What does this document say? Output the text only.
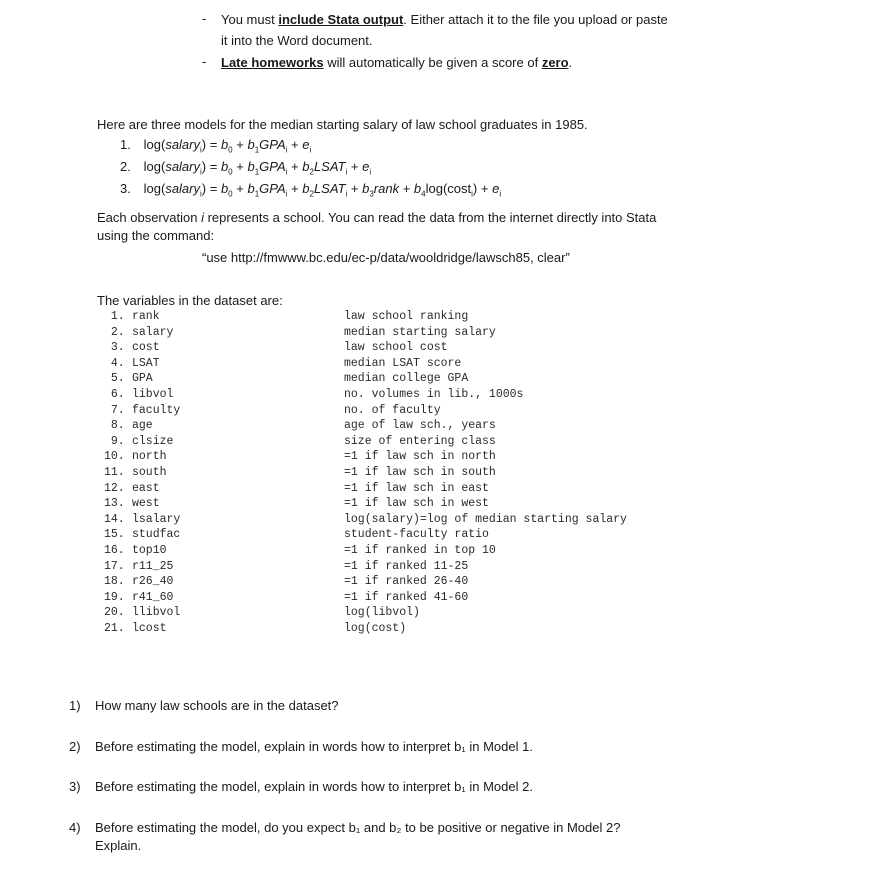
- You must include Stata output. Either attach it to the file you upload or paste
it into the Word document.
- Late homeworks will automatically be given a score of zero.
Here are three models for the median starting salary of law school graduates in 1985.
1. log(salary$_i$) = $b_0 + b_1GPA_i + e_i$
2. log(salary$_i$) = $b_0 + b_1GPA_i$ + $b_2LSAT_i + e_i$
3. log(salary$_i$) = $b_0 + b_1GPA_i$ + $b_2LSAT_i$ + $b_3rank + b_4\log(\cos t_i) + e_i$
Each observation i represents a school. You can read the data from the internet directly into Stata
using the command:
“use http://fmwww.bc.edu/ec-p/data/wooldridge/lawsch85, clear”
The variables in the dataset are:
1. rank	law school ranking
2. salary	median starting salary
3. cost	law school cost
4. LSAT	median LSAT score
5. GPA	median college GPA
6. libvol	no. volumes in lib., 1000s
7. faculty	no. of faculty
8. age	age of law sch., years
9. clsize	size of entering class
10. north	=1 if law sch in north
11. south	=1 if law sch in south
12. east	=1 if law sch in east
13. west	=1 if law sch in west
14. lsalary	log(salary)=log of median starting salary
15. studfac	student-faculty ratio
16. top10	=1 if ranked in top 10
17. r11_25	=1 if ranked 11-25
18. r26_40	=1 if ranked 26-40
19. r41_60	=1 if ranked 41-60
20. llibvol	log(libvol)
21. lcost	log(cost)
1) How many law schools are in the dataset?
2) Before estimating the model, explain in words how to interpret b₁ in Model 1.
3) Before estimating the model, explain in words how to interpret b₁ in Model 2.
4) Before estimating the model, do you expect b₁ and b₂ to be positive or negative in Model 2?
Explain.
